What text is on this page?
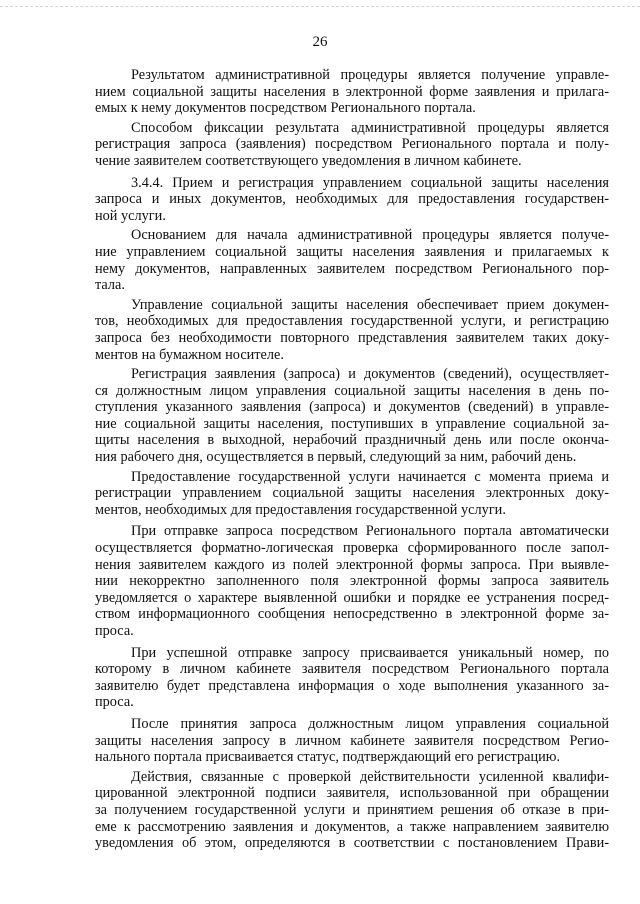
26
Результатом административной процедуры является получение управле-
нием социальной защиты населения в электронной форме заявления и прилага-
емых к нему документов посредством Регионального портала.
Способом фиксации результата административной процедуры является
регистрация запроса (заявления) посредством Регионального портала и полу-
чение заявителем соответствующего уведомления в личном кабинете.
3.4.4. Прием и регистрация управлением социальной защиты населения
запроса и иных документов, необходимых для предоставления государствен-
ной услуги.
Основанием для начала административной процедуры является получе-
ние управлением социальной защиты населения заявления и прилагаемых к
нему документов, направленных заявителем посредством Регионального пор-
тала.
Управление социальной защиты населения обеспечивает прием докумен-
тов, необходимых для предоставления государственной услуги, и регистрацию
запроса без необходимости повторного представления заявителем таких доку-
ментов на бумажном носителе.
Регистрация заявления (запроса) и документов (сведений), осуществляет-
ся должностным лицом управления социальной защиты населения в день по-
ступления указанного заявления (запроса) и документов (сведений) в управле-
ние социальной защиты населения, поступивших в управление социальной за-
щиты населения в выходной, нерабочий праздничный день или после оконча-
ния рабочего дня, осуществляется в первый, следующий за ним, рабочий день.
Предоставление государственной услуги начинается с момента приема и
регистрации управлением социальной защиты населения электронных доку-
ментов, необходимых для предоставления государственной услуги.
При отправке запроса посредством Регионального портала автоматически
осуществляется форматно-логическая проверка сформированного после запол-
нения заявителем каждого из полей электронной формы запроса. При выявле-
нии некорректно заполненного поля электронной формы запроса заявитель
уведомляется о характере выявленной ошибки и порядке ее устранения посред-
ством информационного сообщения непосредственно в электронной форме за-
проса.
При успешной отправке запросу присваивается уникальный номер, по
которому в личном кабинете заявителя посредством Регионального портала
заявителю будет представлена информация о ходе выполнения указанного за-
проса.
После принятия запроса должностным лицом управления социальной
защиты населения запросу в личном кабинете заявителя посредством Регио-
нального портала присваивается статус, подтверждающий его регистрацию.
Действия, связанные с проверкой действительности усиленной квалифи-
цированной электронной подписи заявителя, использованной при обращении
за получением государственной услуги и принятием решения об отказе в при-
еме к рассмотрению заявления и документов, а также направлением заявителю
уведомления об этом, определяются в соответствии с постановлением Прави-
